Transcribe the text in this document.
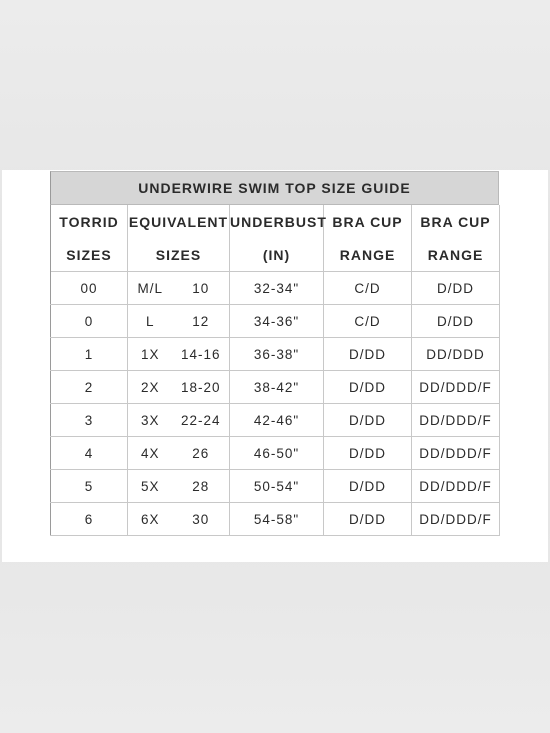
UNDERWIRE SWIM TOP SIZE GUIDE
TORRID	EQUIVALENT		UNDERBUST	BRA CUP	BRA CUP
SIZES	SIZES		(IN)	RANGE	RANGE
00	M/L	10	32-34"	C/D	D/DD
0	L	12	34-36"	C/D	D/DD
1	1X	14-16	36-38"	D/DD	DD/DDD
2	2X	18-20	38-42"	D/DD	DD/DDD/F
3	3X	22-24	42-46"	D/DD	DD/DDD/F
4	4X	26	46-50"	D/DD	DD/DDD/F
5	5X	28	50-54"	D/DD	DD/DDD/F
6	6X	30	54-58"	D/DD	DD/DDD/F
